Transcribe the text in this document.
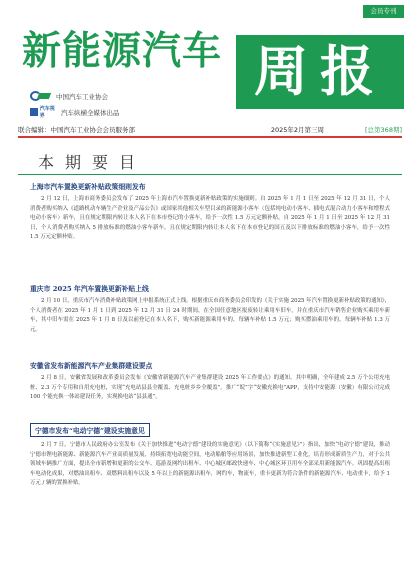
会员专刊
新能源汽车 周报
中国汽车工业协会
汽车视界	汽车纵横全媒体出品
联合编辑：中国汽车工业协会会员服务部	2025年2月第三周	[总第368期]
本期要目

上海市汽车置换更新补贴政策细则发布

2 月 12 日，上海市商务委员会发布了 2025 年上海市汽车置换更新补贴政策的实施细则。自 2025 年 1 月 1 日至 2025 年 12 月 31 日，个人消费者购买纳入《道路机动车辆生产企业及产品公告》或国家其他相关车型目录的新能源小客车（包括纯电动小客车、插电式混合动力小客车和增程式电动小客车）新车，且在规定期限内转让本人名下在本市登记的小客车，给予一次性 1.5 万元定额补贴。自 2025 年 1 月 1 日至 2025 年 12 月 31 日，个人消费者购买纳入 5 排放标准的燃油小客车新车，且在规定期限内转让本人名下在本市登记的国五及以下排放标准的燃油小客车，给予一次性 1.5 万元定额补贴。

重庆市 2025 年汽车置换更新补贴上线

2 月 10 日，重庆市汽车消费补贴政策网上申报系统正式上线。根据重庆市商务委员会印发的《关于实施 2025 年汽车置换更新补贴政策的通知》，个人消费者在 2025 年 1 月 1 日到 2025 年 12 月 31 日 24 时期间，在全国任意地区报废转让乘用车旧车，并在重庆市汽车销售企业购买乘用车新车，其中旧车需在 2025 年 1 月 8 日及以前登记在本人名下，购买新能源乘用车的，每辆车补贴 1.5 万元；购买燃油乘用车的，每辆车补贴 1.3 万元。

安徽省发布新能源汽车产业集群建设要点

2 月 8 日，安徽省发展和改革委员会发布《安徽省新能源汽车产业集群建设 2025 年工作要点》的通知。其中明确，全年建成 2.5 万个公用充电桩、2.3 万个专用和自用充电桩，实现“充电站县县全覆盖、充电桩乡乡全覆盖”。推广“皖”字“安徽充换电”APP，支持中安能源（安徽）有限公司完成 100 个能充换一体站建设任务，实现换电站“县县通”。

宁德市发布“电动宁德”建设实施意见

2 月 7 日，宁德市人民政府办公室发布《关于加快推进“电动宁德”建设的实施意见》（以下简称“《实施意见》”）指出，加快“电动宁德”建设，推动宁德市锂电新能源、新能源汽车产业高质量发展，持续拓宽电动能空间，电动船舶等应用场景，加快推进新型工业化，培育形成新质生产力，对于公共领域车辆推广方面，提出全市新增和更新的公交车、巡游及网约出租车、中心城区邮政快递车、中心城区环卫用车全部采用新能源汽车。巩固提高出租车电动化成果，对燃油出租车、双燃料出租车以及 5 年以上的新能源出租车，网约车，物流车，重卡更新为符合条件的新能源汽车、电动重卡，给予 1 万元 / 辆的置换补贴。
